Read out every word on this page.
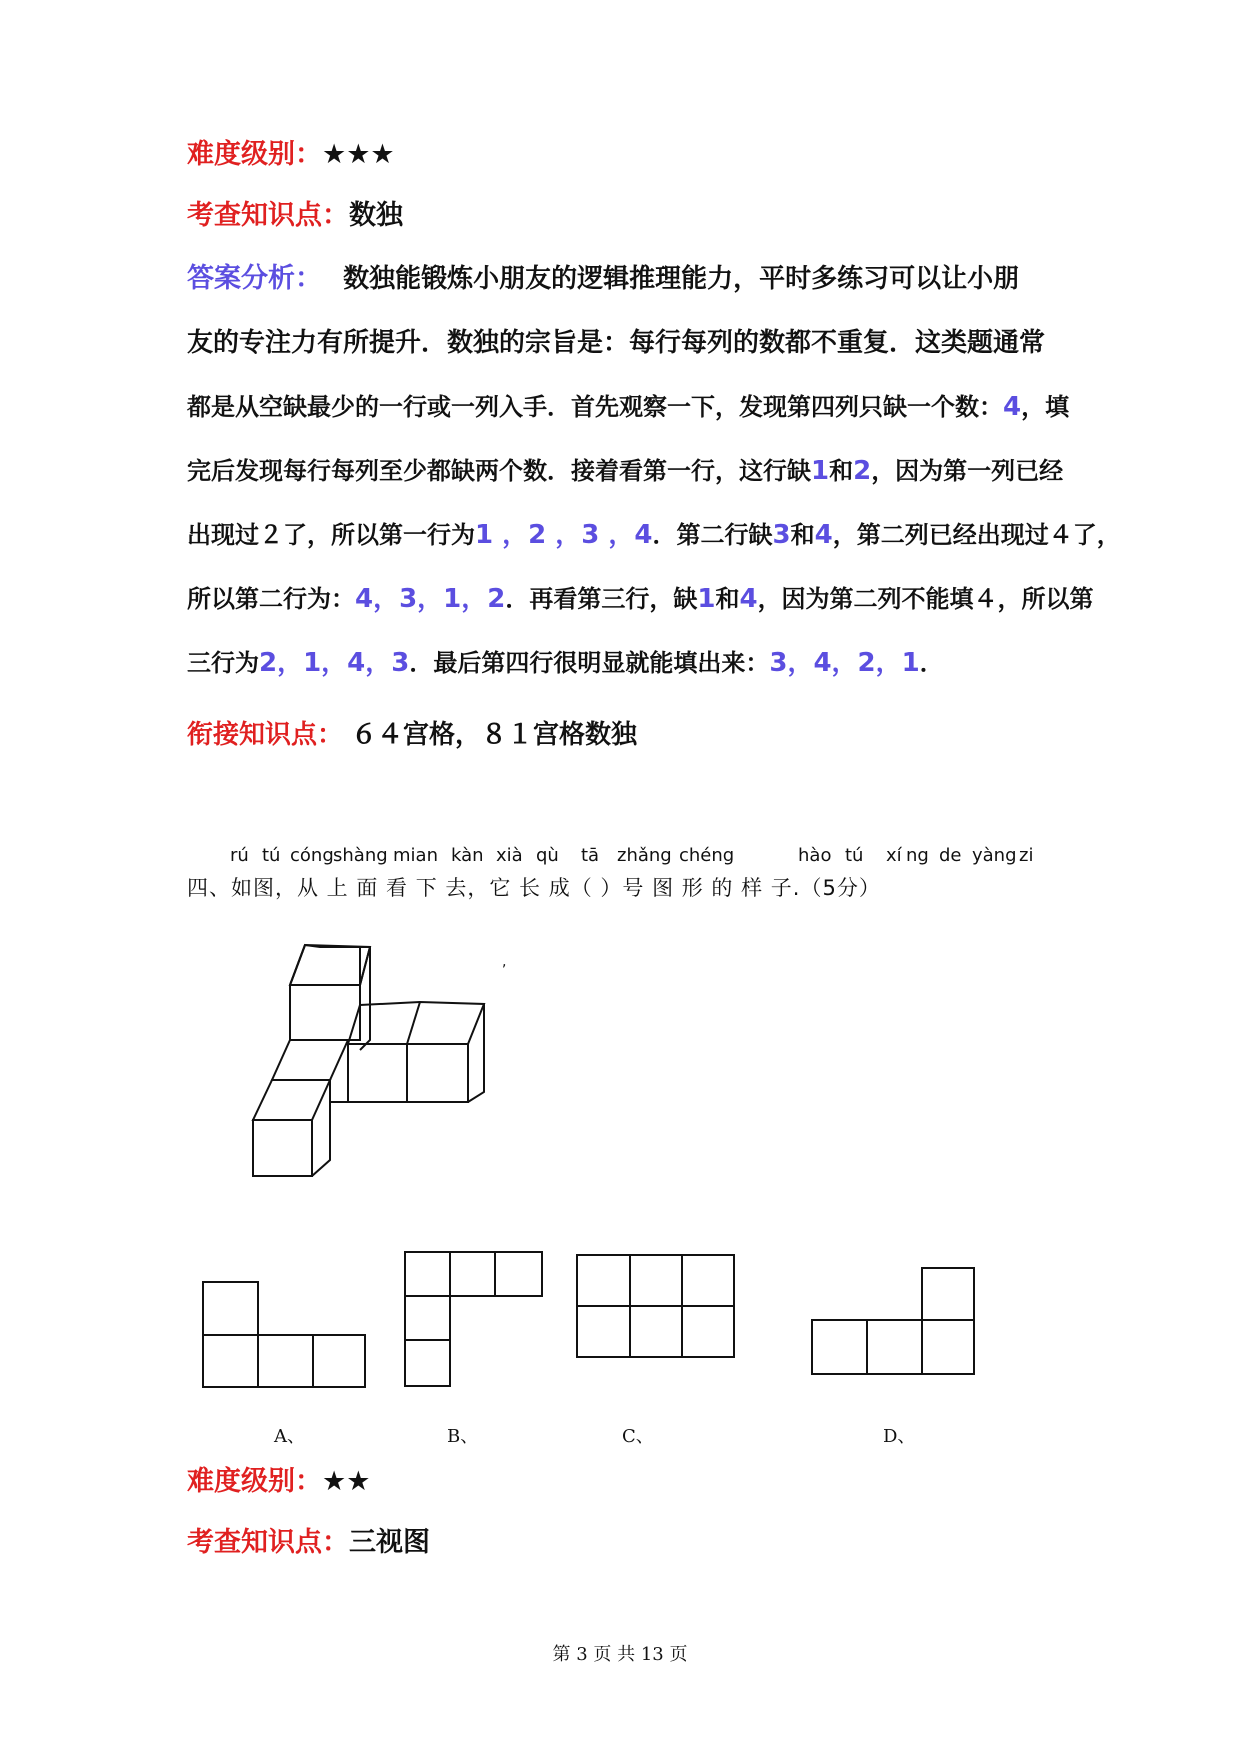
难度级别：★★★
考查知识点：数独
答案分析： 数独能锻炼小朋友的逻辑推理能力，平时多练习可以让小朋
友的专注力有所提升．数独的宗旨是：每行每列的数都不重复．这类题通常
都是从空缺最少的一行或一列入手．首先观察一下，发现第四列只缺一个数：4，填
完后发现每行每列至少都缺两个数．接着看第一行，这行缺1和2，因为第一列已经
出现过２了，所以第一行为1 ，2 ，3 ，4．第二行缺3和4，第二列已经出现过４了，
所以第二行为：4，3，1，2．再看第三行，缺1和4，因为第二列不能填４，所以第
三行为2，1，4，3．最后第四行很明显就能填出来：3，4，2，1．
衔接知识点： ６４宫格，８１宫格数独
rú tú cóng shàng mian kàn xià qù tā zhǎng chéng	hào tú xí ng de yàng zi
四、如图，从 上 面 看 下 去，它 长 成（ ）号 图 形 的 样 子.（5分）
,
A、	B、	C、	D、
难度级别：★★
考查知识点：三视图
第 3 页 共 13 页
